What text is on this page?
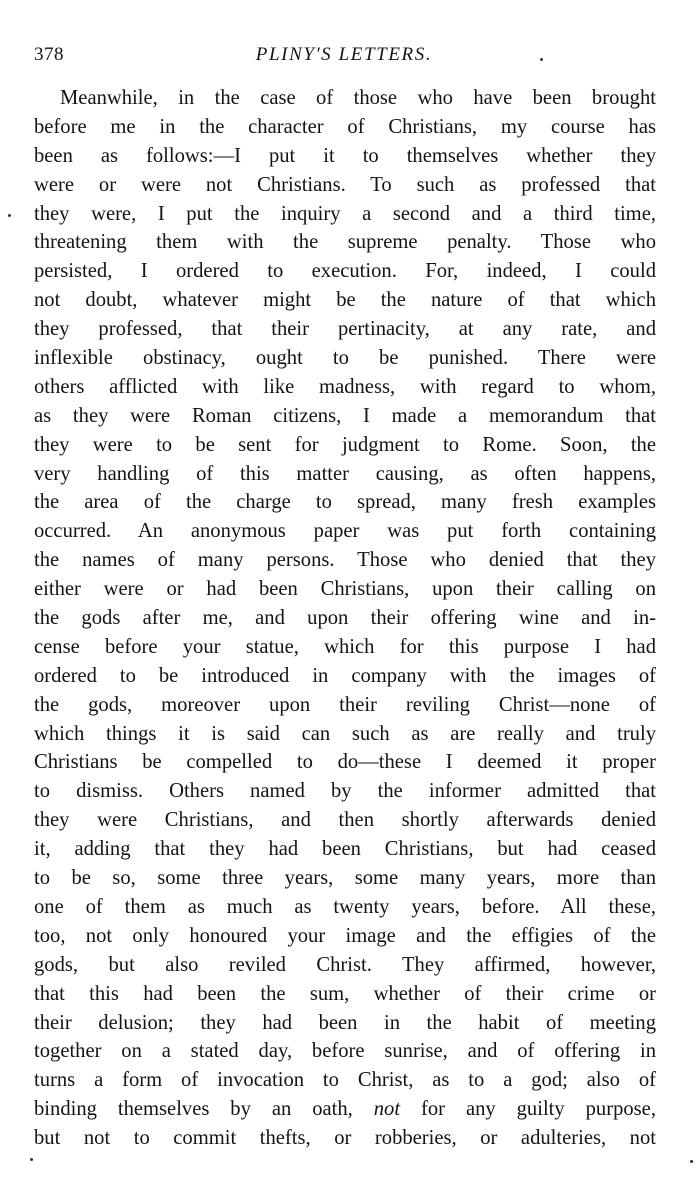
378	PLINY'S LETTERS.
Meanwhile, in the case of those who have been brought
before me in the character of Christians, my course has
been as follows:—I put it to themselves whether they
were or were not Christians. To such as professed that
they were, I put the inquiry a second and a third time,
threatening them with the supreme penalty. Those who
persisted, I ordered to execution. For, indeed, I could
not doubt, whatever might be the nature of that which
they professed, that their pertinacity, at any rate, and
inflexible obstinacy, ought to be punished. There were
others afflicted with like madness, with regard to whom,
as they were Roman citizens, I made a memorandum that
they were to be sent for judgment to Rome. Soon, the
very handling of this matter causing, as often happens,
the area of the charge to spread, many fresh examples
occurred. An anonymous paper was put forth containing
the names of many persons. Those who denied that they
either were or had been Christians, upon their calling on
the gods after me, and upon their offering wine and in-
cense before your statue, which for this purpose I had
ordered to be introduced in company with the images of
the gods, moreover upon their reviling Christ—none of
which things it is said can such as are really and truly
Christians be compelled to do—these I deemed it proper
to dismiss. Others named by the informer admitted that
they were Christians, and then shortly afterwards denied
it, adding that they had been Christians, but had ceased
to be so, some three years, some many years, more than
one of them as much as twenty years, before. All these,
too, not only honoured your image and the effigies of the
gods, but also reviled Christ. They affirmed, however,
that this had been the sum, whether of their crime or
their delusion; they had been in the habit of meeting
together on a stated day, before sunrise, and of offering in
turns a form of invocation to Christ, as to a god; also of
binding themselves by an oath, not for any guilty purpose,
but not to commit thefts, or robberies, or adulteries, not
